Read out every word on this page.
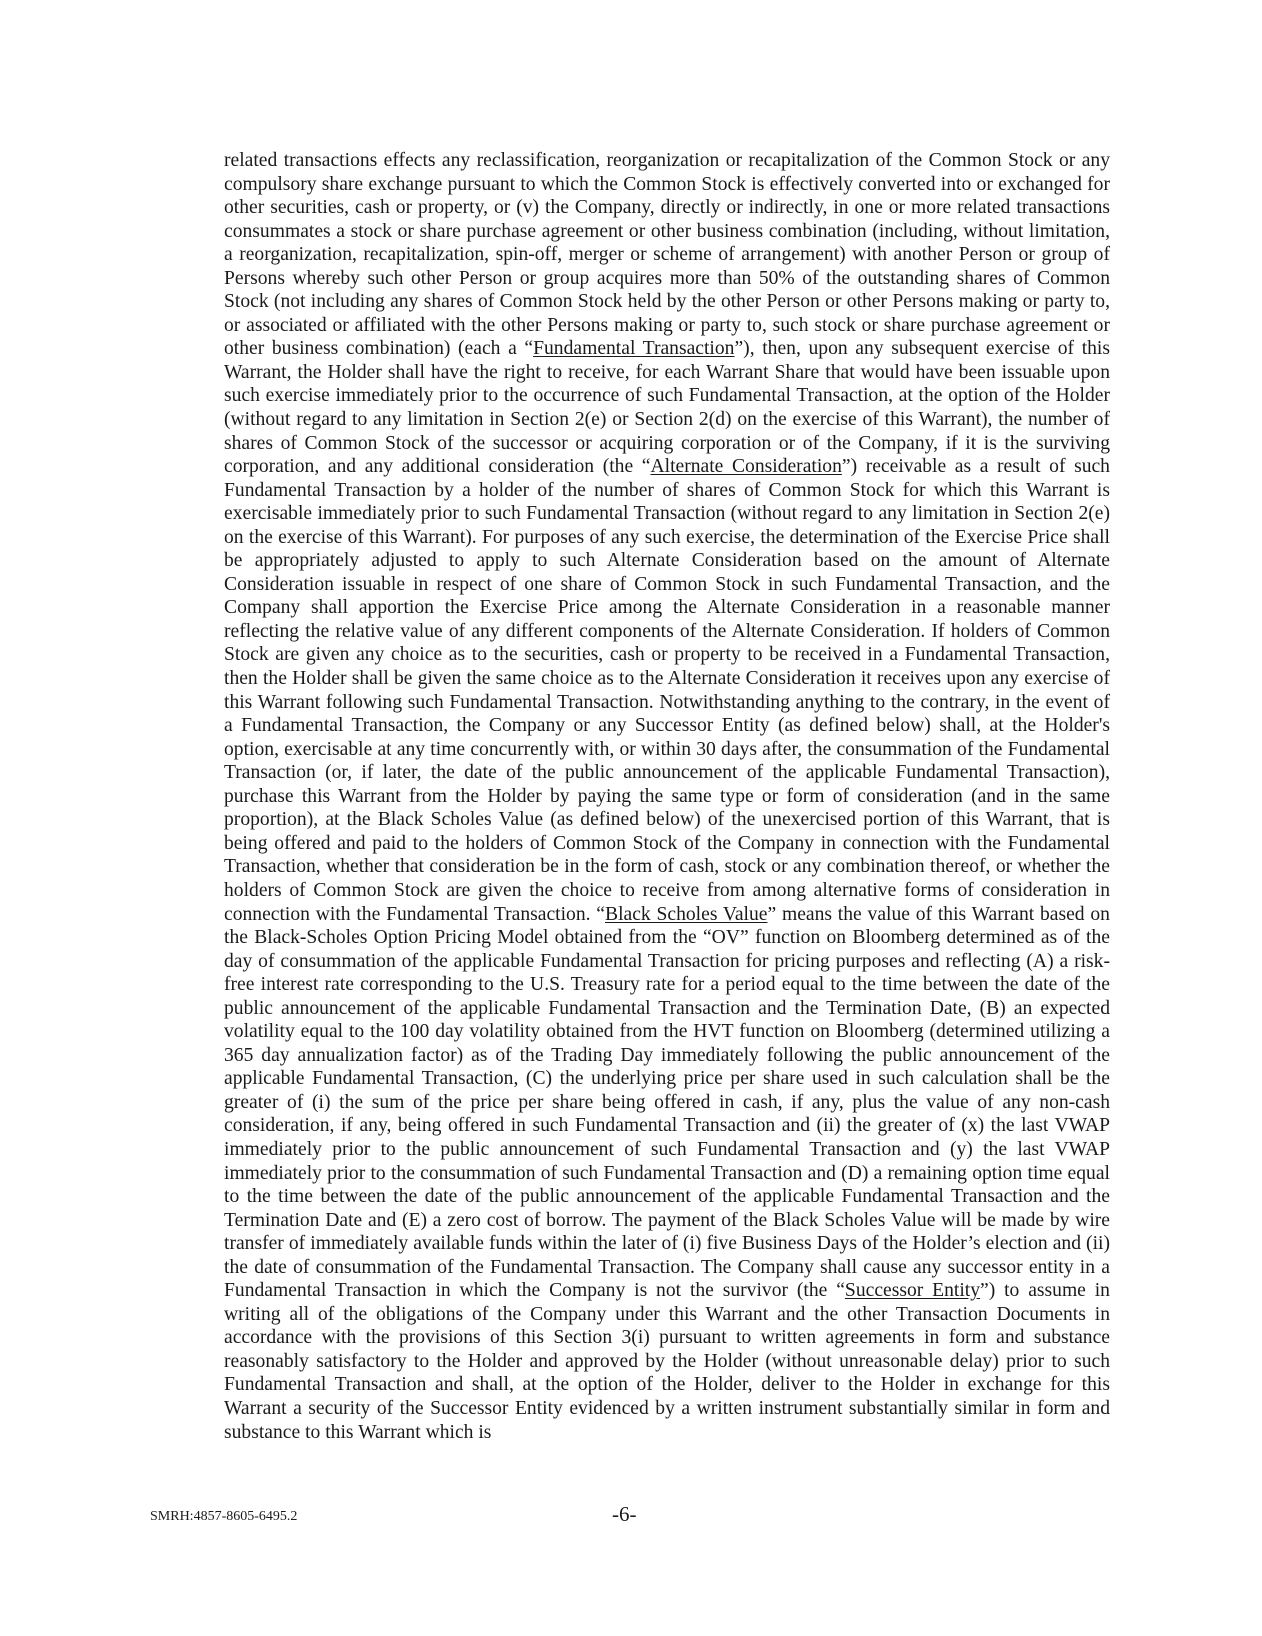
related transactions effects any reclassification, reorganization or recapitalization of the Common Stock or any compulsory share exchange pursuant to which the Common Stock is effectively converted into or exchanged for other securities, cash or property, or (v) the Company, directly or indirectly, in one or more related transactions consummates a stock or share purchase agreement or other business combination (including, without limitation, a reorganization, recapitalization, spin-off, merger or scheme of arrangement) with another Person or group of Persons whereby such other Person or group acquires more than 50% of the outstanding shares of Common Stock (not including any shares of Common Stock held by the other Person or other Persons making or party to, or associated or affiliated with the other Persons making or party to, such stock or share purchase agreement or other business combination) (each a “Fundamental Transaction”), then, upon any subsequent exercise of this Warrant, the Holder shall have the right to receive, for each Warrant Share that would have been issuable upon such exercise immediately prior to the occurrence of such Fundamental Transaction, at the option of the Holder (without regard to any limitation in Section 2(e) or Section 2(d) on the exercise of this Warrant), the number of shares of Common Stock of the successor or acquiring corporation or of the Company, if it is the surviving corporation, and any additional consideration (the “Alternate Consideration”) receivable as a result of such Fundamental Transaction by a holder of the number of shares of Common Stock for which this Warrant is exercisable immediately prior to such Fundamental Transaction (without regard to any limitation in Section 2(e) on the exercise of this Warrant). For purposes of any such exercise, the determination of the Exercise Price shall be appropriately adjusted to apply to such Alternate Consideration based on the amount of Alternate Consideration issuable in respect of one share of Common Stock in such Fundamental Transaction, and the Company shall apportion the Exercise Price among the Alternate Consideration in a reasonable manner reflecting the relative value of any different components of the Alternate Consideration. If holders of Common Stock are given any choice as to the securities, cash or property to be received in a Fundamental Transaction, then the Holder shall be given the same choice as to the Alternate Consideration it receives upon any exercise of this Warrant following such Fundamental Transaction. Notwithstanding anything to the contrary, in the event of a Fundamental Transaction, the Company or any Successor Entity (as defined below) shall, at the Holder's option, exercisable at any time concurrently with, or within 30 days after, the consummation of the Fundamental Transaction (or, if later, the date of the public announcement of the applicable Fundamental Transaction), purchase this Warrant from the Holder by paying the same type or form of consideration (and in the same proportion), at the Black Scholes Value (as defined below) of the unexercised portion of this Warrant, that is being offered and paid to the holders of Common Stock of the Company in connection with the Fundamental Transaction, whether that consideration be in the form of cash, stock or any combination thereof, or whether the holders of Common Stock are given the choice to receive from among alternative forms of consideration in connection with the Fundamental Transaction. “Black Scholes Value” means the value of this Warrant based on the Black-Scholes Option Pricing Model obtained from the “OV” function on Bloomberg determined as of the day of consummation of the applicable Fundamental Transaction for pricing purposes and reflecting (A) a risk-free interest rate corresponding to the U.S. Treasury rate for a period equal to the time between the date of the public announcement of the applicable Fundamental Transaction and the Termination Date, (B) an expected volatility equal to the 100 day volatility obtained from the HVT function on Bloomberg (determined utilizing a 365 day annualization factor) as of the Trading Day immediately following the public announcement of the applicable Fundamental Transaction, (C) the underlying price per share used in such calculation shall be the greater of (i) the sum of the price per share being offered in cash, if any, plus the value of any non-cash consideration, if any, being offered in such Fundamental Transaction and (ii) the greater of (x) the last VWAP immediately prior to the public announcement of such Fundamental Transaction and (y) the last VWAP immediately prior to the consummation of such Fundamental Transaction and (D) a remaining option time equal to the time between the date of the public announcement of the applicable Fundamental Transaction and the Termination Date and (E) a zero cost of borrow. The payment of the Black Scholes Value will be made by wire transfer of immediately available funds within the later of (i) five Business Days of the Holder’s election and (ii) the date of consummation of the Fundamental Transaction. The Company shall cause any successor entity in a Fundamental Transaction in which the Company is not the survivor (the “Successor Entity”) to assume in writing all of the obligations of the Company under this Warrant and the other Transaction Documents in accordance with the provisions of this Section 3(i) pursuant to written agreements in form and substance reasonably satisfactory to the Holder and approved by the Holder (without unreasonable delay) prior to such Fundamental Transaction and shall, at the option of the Holder, deliver to the Holder in exchange for this Warrant a security of the Successor Entity evidenced by a written instrument substantially similar in form and substance to this Warrant which is

SMRH:4857-8605-6495.2	-6-
